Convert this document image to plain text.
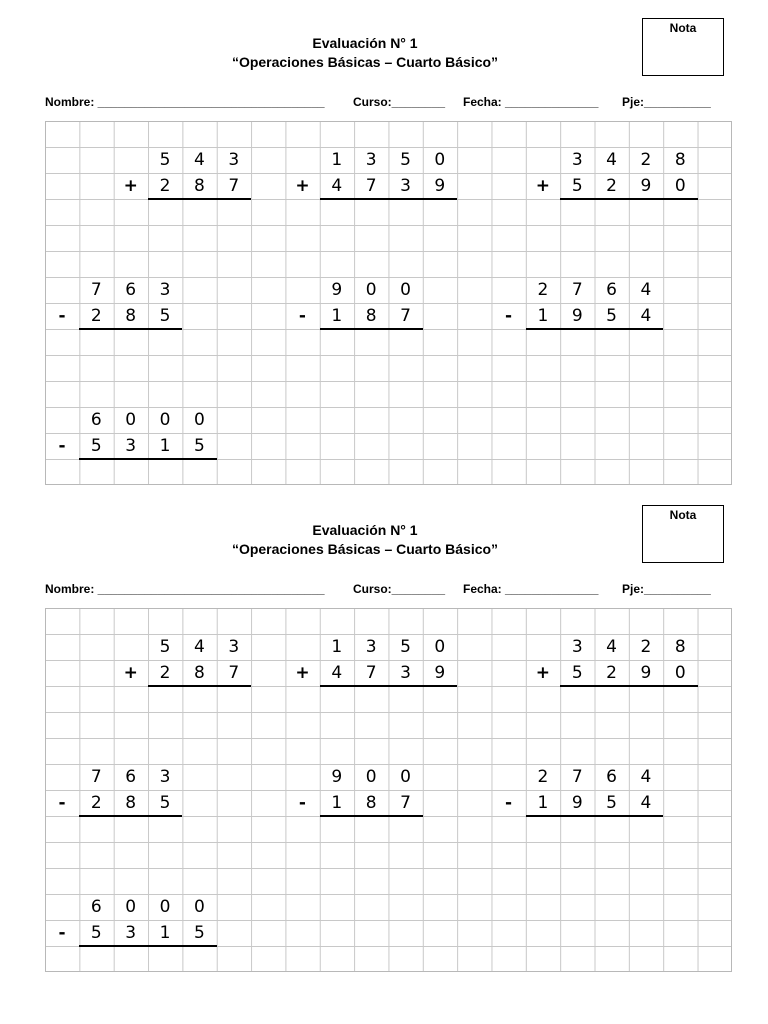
Evaluación N° 1
“Operaciones Básicas – Cuarto Básico”
Nota
Nombre: __________________________________ Curso:________ Fecha: ______________ Pje:__________
5	4	3
2	8	7
+
1	3	5	0
4	7	3	9
+
3	4	2	8
5	2	9	0
+
7	6	3
2	8	5
-
9	0	0
1	8	7
-
2	7	6	4
1	9	5	4
-
6	0	0	0
5	3	1	5
-
Evaluación N° 1
“Operaciones Básicas – Cuarto Básico”
Nota
Nombre: __________________________________ Curso:________ Fecha: ______________ Pje:__________
5	4	3
2	8	7
+
1	3	5	0
4	7	3	9
+
3	4	2	8
5	2	9	0
+
7	6	3
2	8	5
-
9	0	0
1	8	7
-
2	7	6	4
1	9	5	4
-
6	0	0	0
5	3	1	5
-
